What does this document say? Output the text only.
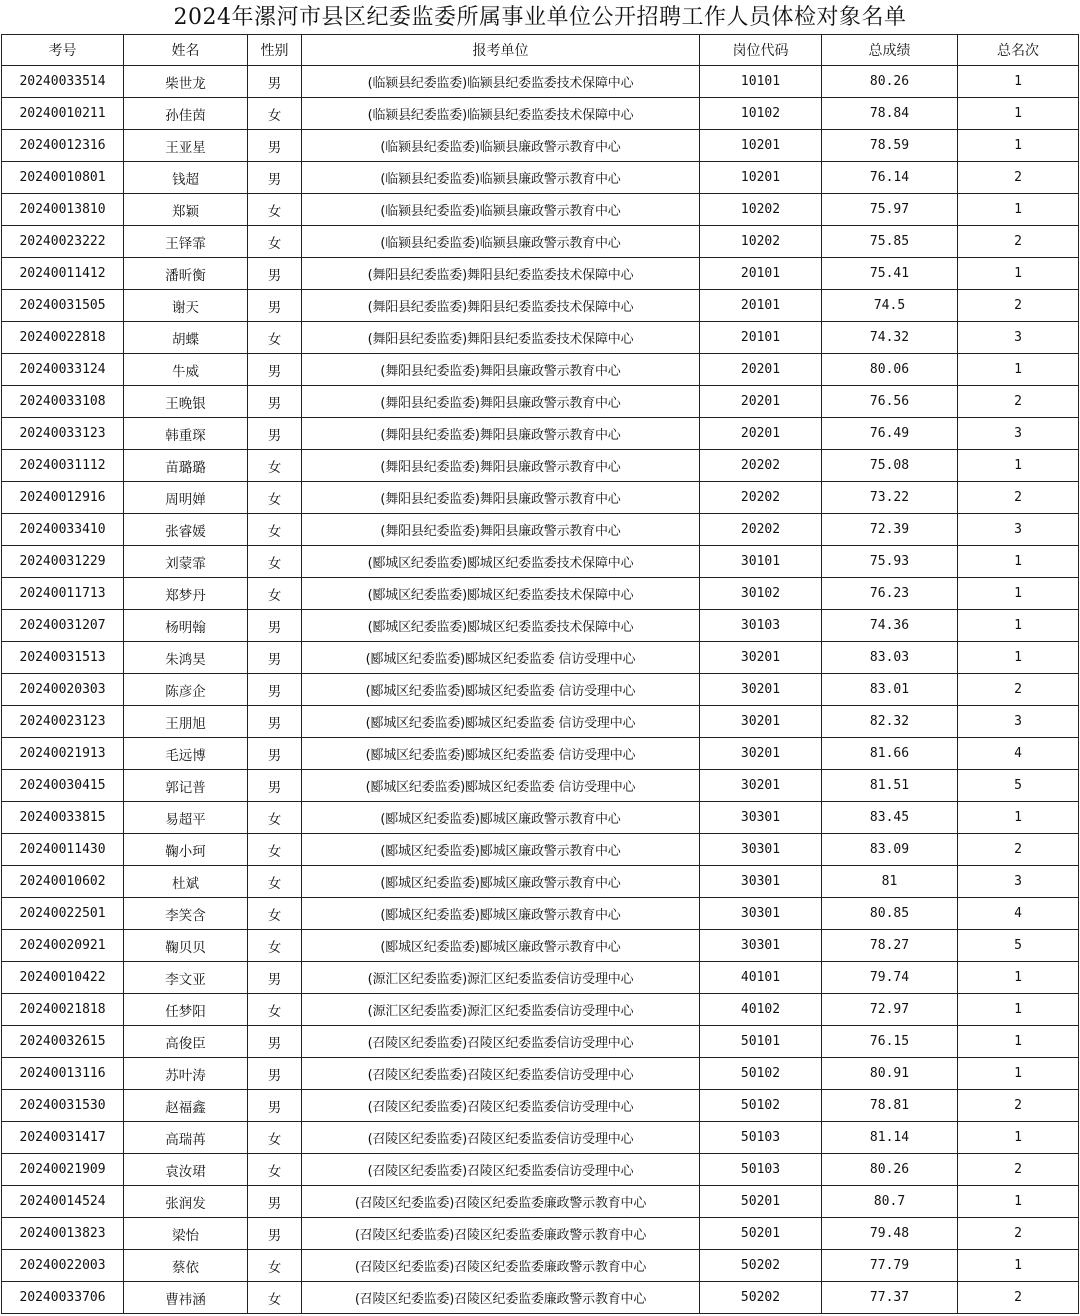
2024年漯河市县区纪委监委所属事业单位公开招聘工作人员体检对象名单
考号	姓名	性别	报考单位	岗位代码	总成绩	总名次
20240033514	柴世龙	男	(临颍县纪委监委)临颍县纪委监委技术保障中心	10101	80.26	1
20240010211	孙佳茵	女	(临颍县纪委监委)临颍县纪委监委技术保障中心	10102	78.84	1
20240012316	王亚星	男	(临颍县纪委监委)临颍县廉政警示教育中心	10201	78.59	1
20240010801	钱超	男	(临颍县纪委监委)临颍县廉政警示教育中心	10201	76.14	2
20240013810	郑颖	女	(临颍县纪委监委)临颍县廉政警示教育中心	10202	75.97	1
20240023222	王铎霏	女	(临颍县纪委监委)临颍县廉政警示教育中心	10202	75.85	2
20240011412	潘昕衡	男	(舞阳县纪委监委)舞阳县纪委监委技术保障中心	20101	75.41	1
20240031505	谢天	男	(舞阳县纪委监委)舞阳县纪委监委技术保障中心	20101	74.5	2
20240022818	胡蝶	女	(舞阳县纪委监委)舞阳县纪委监委技术保障中心	20101	74.32	3
20240033124	牛威	男	(舞阳县纪委监委)舞阳县廉政警示教育中心	20201	80.06	1
20240033108	王晚银	男	(舞阳县纪委监委)舞阳县廉政警示教育中心	20201	76.56	2
20240033123	韩重琛	男	(舞阳县纪委监委)舞阳县廉政警示教育中心	20201	76.49	3
20240031112	苗璐璐	女	(舞阳县纪委监委)舞阳县廉政警示教育中心	20202	75.08	1
20240012916	周明婵	女	(舞阳县纪委监委)舞阳县廉政警示教育中心	20202	73.22	2
20240033410	张睿媛	女	(舞阳县纪委监委)舞阳县廉政警示教育中心	20202	72.39	3
20240031229	刘蒙霏	女	(郾城区纪委监委)郾城区纪委监委技术保障中心	30101	75.93	1
20240011713	郑梦丹	女	(郾城区纪委监委)郾城区纪委监委技术保障中心	30102	76.23	1
20240031207	杨明翰	男	(郾城区纪委监委)郾城区纪委监委技术保障中心	30103	74.36	1
20240031513	朱鸿昊	男	(郾城区纪委监委)郾城区纪委监委 信访受理中心	30201	83.03	1
20240020303	陈彦企	男	(郾城区纪委监委)郾城区纪委监委 信访受理中心	30201	83.01	2
20240023123	王朋旭	男	(郾城区纪委监委)郾城区纪委监委 信访受理中心	30201	82.32	3
20240021913	毛远博	男	(郾城区纪委监委)郾城区纪委监委 信访受理中心	30201	81.66	4
20240030415	郭记普	男	(郾城区纪委监委)郾城区纪委监委 信访受理中心	30201	81.51	5
20240033815	易超平	女	(郾城区纪委监委)郾城区廉政警示教育中心	30301	83.45	1
20240011430	鞠小珂	女	(郾城区纪委监委)郾城区廉政警示教育中心	30301	83.09	2
20240010602	杜斌	女	(郾城区纪委监委)郾城区廉政警示教育中心	30301	81	3
20240022501	李笑含	女	(郾城区纪委监委)郾城区廉政警示教育中心	30301	80.85	4
20240020921	鞠贝贝	女	(郾城区纪委监委)郾城区廉政警示教育中心	30301	78.27	5
20240010422	李文亚	男	(源汇区纪委监委)源汇区纪委监委信访受理中心	40101	79.74	1
20240021818	任梦阳	女	(源汇区纪委监委)源汇区纪委监委信访受理中心	40102	72.97	1
20240032615	高俊臣	男	(召陵区纪委监委)召陵区纪委监委信访受理中心	50101	76.15	1
20240013116	苏叶涛	男	(召陵区纪委监委)召陵区纪委监委信访受理中心	50102	80.91	1
20240031530	赵福鑫	男	(召陵区纪委监委)召陵区纪委监委信访受理中心	50102	78.81	2
20240031417	高瑞苒	女	(召陵区纪委监委)召陵区纪委监委信访受理中心	50103	81.14	1
20240021909	袁汝珺	女	(召陵区纪委监委)召陵区纪委监委信访受理中心	50103	80.26	2
20240014524	张润发	男	(召陵区纪委监委)召陵区纪委监委廉政警示教育中心	50201	80.7	1
20240013823	梁怡	男	(召陵区纪委监委)召陵区纪委监委廉政警示教育中心	50201	79.48	2
20240022003	蔡依	女	(召陵区纪委监委)召陵区纪委监委廉政警示教育中心	50202	77.79	1
20240033706	曹祎涵	女	(召陵区纪委监委)召陵区纪委监委廉政警示教育中心	50202	77.37	2
